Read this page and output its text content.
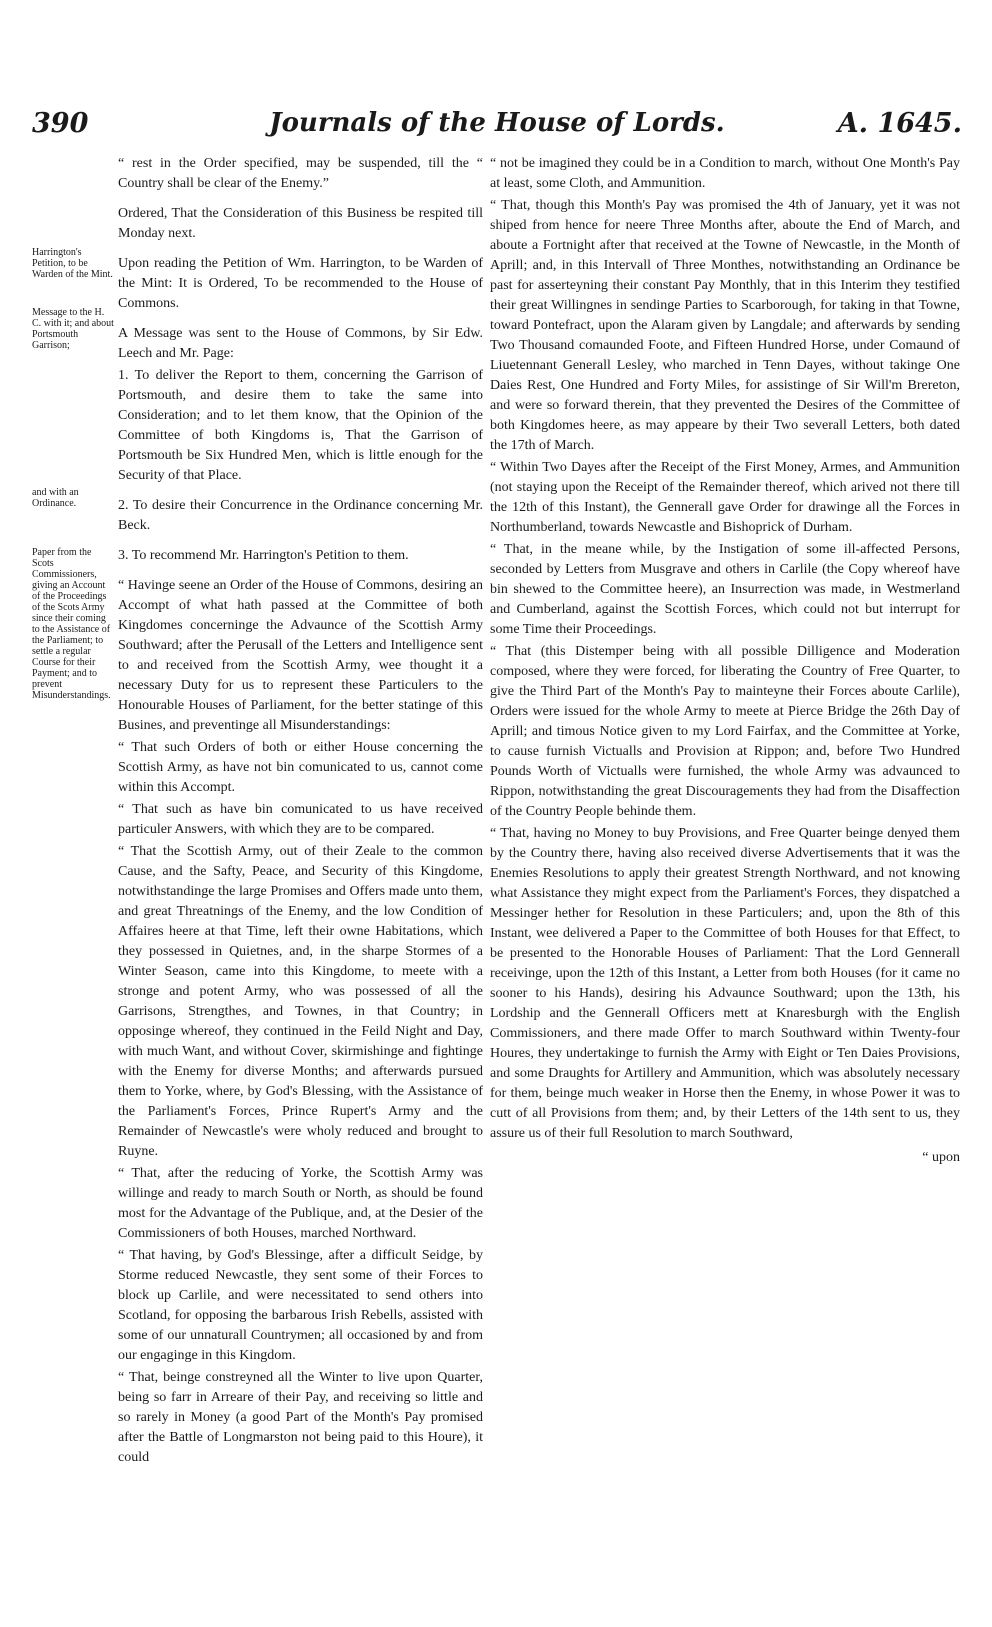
390	Journals of the House of Lords.	A. 1645.
Harrington's Petition, to be Warden of the Mint.
Message to the H. C. with it; and about Portsmouth Garrison;
and with an Ordinance.
Paper from the Scots Commissioners, giving an Account of the Proceedings of the Scots Army since their coming to the Assistance of the Parliament; to settle a regular Course for their Payment; and to prevent Misunderstandings.

“ rest in the Order specified, may be suspended, till the “ Country shall be clear of the Enemy.”

Ordered, That the Consideration of this Business be respited till Monday next.

Upon reading the Petition of Wm. Harrington, to be Warden of the Mint: It is Ordered, To be recommended to the House of Commons.

A Message was sent to the House of Commons, by Sir Edw. Leech and Mr. Page:

1. To deliver the Report to them, concerning the Garrison of Portsmouth, and desire them to take the same into Consideration; and to let them know, that the Opinion of the Committee of both Kingdoms is, That the Garrison of Portsmouth be Six Hundred Men, which is little enough for the Security of that Place.

2. To desire their Concurrence in the Ordinance concerning Mr. Beck.

3. To recommend Mr. Harrington's Petition to them.

“ Havinge seene an Order of the House of Commons, desiring an Accompt of what hath passed at the Committee of both Kingdomes concerninge the Advaunce of the Scottish Army Southward; after the Perusall of the Letters and Intelligence sent to and received from the Scottish Army, wee thought it a necessary Duty for us to represent these Particulers to the Honourable Houses of Parliament, for the better statinge of this Busines, and preventinge all Misunderstandings:

“ That such Orders of both or either House concerning the Scottish Army, as have not bin comunicated to us, cannot come within this Accompt.

“ That such as have bin comunicated to us have received particuler Answers, with which they are to be compared.

“ That the Scottish Army, out of their Zeale to the common Cause, and the Safty, Peace, and Security of this Kingdome, notwithstandinge the large Promises and Offers made unto them, and great Threatnings of the Enemy, and the low Condition of Affaires heere at that Time, left their owne Habitations, which they possessed in Quietnes, and, in the sharpe Stormes of a Winter Season, came into this Kingdome, to meete with a stronge and potent Army, who was possessed of all the Garrisons, Strengthes, and Townes, in that Country; in opposinge whereof, they continued in the Feild Night and Day, with much Want, and without Cover, skirmishinge and fightinge with the Enemy for diverse Months; and afterwards pursued them to Yorke, where, by God's Blessing, with the Assistance of the Parliament's Forces, Prince Rupert's Army and the Remainder of Newcastle's were wholy reduced and brought to Ruyne.

“ That, after the reducing of Yorke, the Scottish Army was willinge and ready to march South or North, as should be found most for the Advantage of the Publique, and, at the Desier of the Commissioners of both Houses, marched Northward.

“ That having, by God's Blessinge, after a difficult Seidge, by Storme reduced Newcastle, they sent some of their Forces to block up Carlile, and were necessitated to send others into Scotland, for opposing the barbarous Irish Rebells, assisted with some of our unnaturall Countrymen; all occasioned by and from our engaginge in this Kingdom.

“ That, beinge constreyned all the Winter to live upon Quarter, being so farr in Arreare of their Pay, and receiving so little and so rarely in Money (a good Part of the Month's Pay promised after the Battle of Longmarston not being paid to this Houre), it could

“ not be imagined they could be in a Condition to march, without One Month's Pay at least, some Cloth, and Ammunition.

“ That, though this Month's Pay was promised the 4th of January, yet it was not shiped from hence for neere Three Months after, aboute the End of March, and aboute a Fortnight after that received at the Towne of Newcastle, in the Month of Aprill; and, in this Intervall of Three Monthes, notwithstanding an Ordinance be past for asserteyning their constant Pay Monthly, that in this Interim they testified their great Willingnes in sendinge Parties to Scarborough, for taking in that Towne, toward Pontefract, upon the Alaram given by Langdale; and afterwards by sending Two Thousand comaunded Foote, and Fifteen Hundred Horse, under Comaund of Liuetennant Generall Lesley, who marched in Tenn Dayes, without takinge One Daies Rest, One Hundred and Forty Miles, for assistinge of Sir Will'm Brereton, and were so forward therein, that they prevented the Desires of the Committee of both Kingdomes heere, as may appeare by their Two severall Letters, both dated the 17th of March.

“ Within Two Dayes after the Receipt of the First Money, Armes, and Ammunition (not staying upon the Receipt of the Remainder thereof, which arived not there till the 12th of this Instant), the Gennerall gave Order for drawinge all the Forces in Northumberland, towards Newcastle and Bishoprick of Durham.

“ That, in the meane while, by the Instigation of some ill-affected Persons, seconded by Letters from Musgrave and others in Carlile (the Copy whereof have bin shewed to the Committee heere), an Insurrection was made, in Westmerland and Cumberland, against the Scottish Forces, which could not but interrupt for some Time their Proceedings.

“ That (this Distemper being with all possible Dilligence and Moderation composed, where they were forced, for liberating the Country of Free Quarter, to give the Third Part of the Month's Pay to mainteyne their Forces aboute Carlile), Orders were issued for the whole Army to meete at Pierce Bridge the 26th Day of Aprill; and timous Notice given to my Lord Fairfax, and the Committee at Yorke, to cause furnish Victualls and Provision at Rippon; and, before Two Hundred Pounds Worth of Victualls were furnished, the whole Army was advaunced to Rippon, notwithstanding the great Discouragements they had from the Disaffection of the Country People behinde them.

“ That, having no Money to buy Provisions, and Free Quarter beinge denyed them by the Country there, having also received diverse Advertisements that it was the Enemies Resolutions to apply their greatest Strength Northward, and not knowing what Assistance they might expect from the Parliament's Forces, they dispatched a Messinger hether for Resolution in these Particulers; and, upon the 8th of this Instant, wee delivered a Paper to the Committee of both Houses for that Effect, to be presented to the Honorable Houses of Parliament: That the Lord Gennerall receivinge, upon the 12th of this Instant, a Letter from both Houses (for it came no sooner to his Hands), desiring his Advaunce Southward; upon the 13th, his Lordship and the Gennerall Officers mett at Knaresburgh with the English Commissioners, and there made Offer to march Southward within Twenty-four Houres, they undertakinge to furnish the Army with Eight or Ten Daies Provisions, and some Draughts for Artillery and Ammunition, which was absolutely necessary for them, beinge much weaker in Horse then the Enemy, in whose Power it was to cutt of all Provisions from them; and, by their Letters of the 14th sent to us, they assure us of their full Resolution to march Southward,

“ upon
